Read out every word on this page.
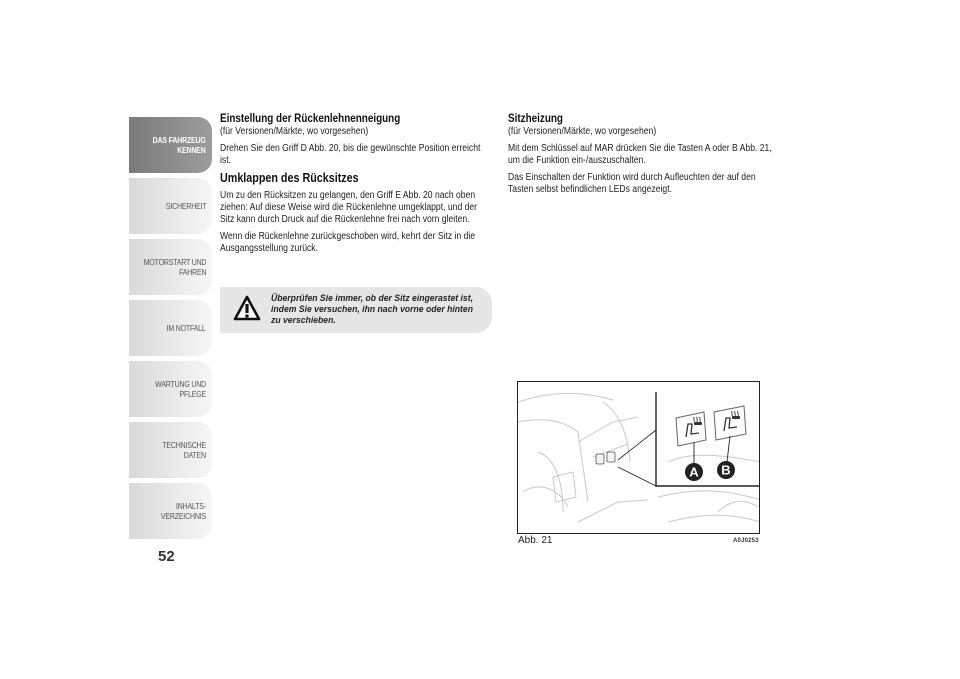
DAS FAHRZEUG
KENNEN
SICHERHEIT
MOTORSTART UND
FAHREN
IM NOTFALL
WARTUNG UND
PFLEGE
TECHNISCHE DATEN
INHALTS-
VERZEICHNIS
52
Einstellung der Rückenlehnenneigung
(für Versionen/Märkte, wo vorgesehen)

Drehen Sie den Griff D Abb. 20, bis die gewünschte Position erreicht ist.

Umklappen des Rücksitzes

Um zu den Rücksitzen zu gelangen, den Griff E Abb. 20 nach oben ziehen: Auf diese Weise wird die Rückenlehne umgeklappt, und der Sitz kann durch Druck auf die Rückenlehne frei nach vorn gleiten.

Wenn die Rückenlehne zurückgeschoben wird, kehrt der Sitz in die Ausgangsstellung zurück.

Überprüfen Sie immer, ob der Sitz eingerastet ist, indem Sie versuchen, ihn nach vorne oder hinten zu verschieben.
Sitzheizung
(für Versionen/Märkte, wo vorgesehen)

Mit dem Schlüssel auf MAR drücken Sie die Tasten A oder B Abb. 21, um die Funktion ein-/auszuschalten.

Das Einschalten der Funktion wird durch Aufleuchten der auf den Tasten selbst befindlichen LEDs angezeigt.

A B
Abb. 21	A0J0253
